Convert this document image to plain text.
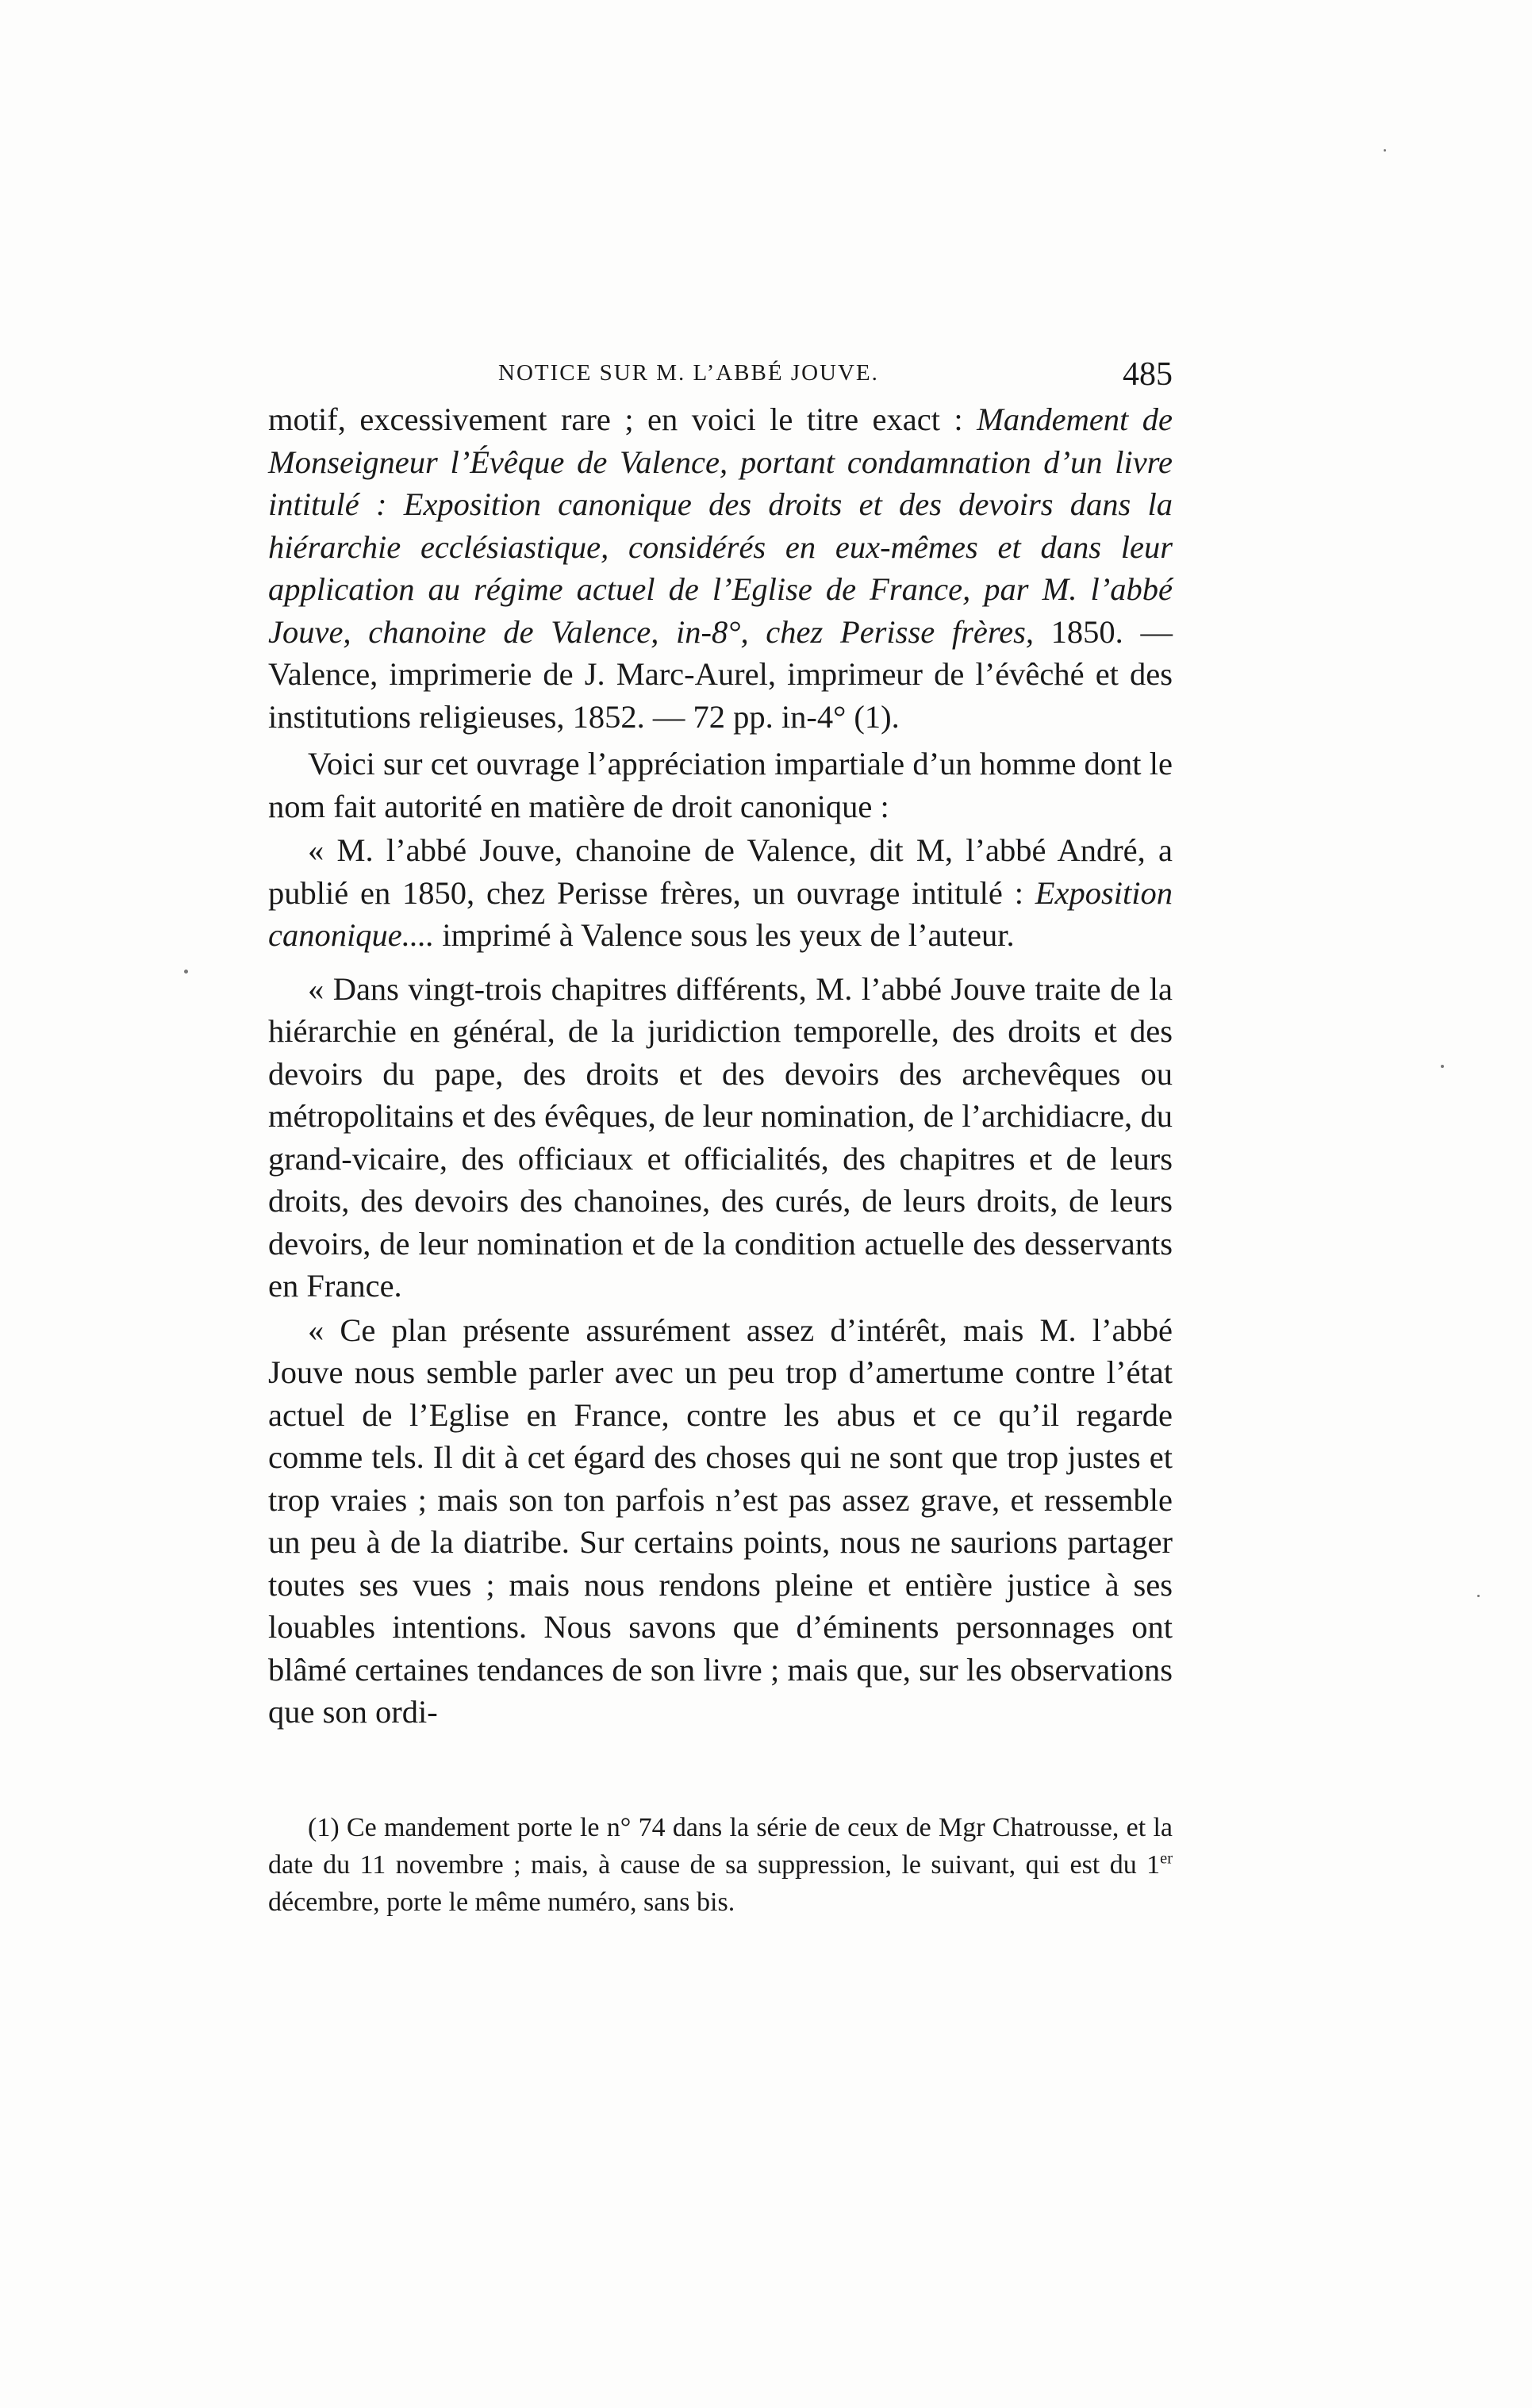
NOTICE SUR M. L’ABBÉ JOUVE.	485

motif, excessivement rare ; en voici le titre exact : Mandement de Monseigneur l’Évêque de Valence, portant condamnation d’un livre intitulé : Exposition canonique des droits et des devoirs dans la hiérarchie ecclésiastique, considérés en eux-mêmes et dans leur application au régime actuel de l’Eglise de France, par M. l’abbé Jouve, chanoine de Valence, in-8°, chez Perisse frères, 1850. — Valence, imprimerie de J. Marc-Aurel, imprimeur de l’évêché et des institutions religieuses, 1852. — 72 pp. in-4° (1).

Voici sur cet ouvrage l’appréciation impartiale d’un homme dont le nom fait autorité en matière de droit canonique :

« M. l’abbé Jouve, chanoine de Valence, dit M, l’abbé André, a publié en 1850, chez Perisse frères, un ouvrage intitulé : Exposition canonique.... imprimé à Valence sous les yeux de l’auteur.

« Dans vingt-trois chapitres différents, M. l’abbé Jouve traite de la hiérarchie en général, de la juridiction temporelle, des droits et des devoirs du pape, des droits et des devoirs des archevêques ou métropolitains et des évêques, de leur nomination, de l’archidiacre, du grand-vicaire, des officiaux et officialités, des chapitres et de leurs droits, des devoirs des chanoines, des curés, de leurs droits, de leurs devoirs, de leur nomination et de la condition actuelle des desservants en France.

« Ce plan présente assurément assez d’intérêt, mais M. l’abbé Jouve nous semble parler avec un peu trop d’amertume contre l’état actuel de l’Eglise en France, contre les abus et ce qu’il regarde comme tels. Il dit à cet égard des choses qui ne sont que trop justes et trop vraies ; mais son ton parfois n’est pas assez grave, et ressemble un peu à de la diatribe. Sur certains points, nous ne saurions partager toutes ses vues ; mais nous rendons pleine et entière justice à ses louables intentions. Nous savons que d’éminents personnages ont blâmé certaines tendances de son livre ; mais que, sur les observations que son ordi-

(1) Ce mandement porte le n° 74 dans la série de ceux de Mgr Chatrousse, et la date du 11 novembre ; mais, à cause de sa suppression, le suivant, qui est du 1er décembre, porte le même numéro, sans bis.
